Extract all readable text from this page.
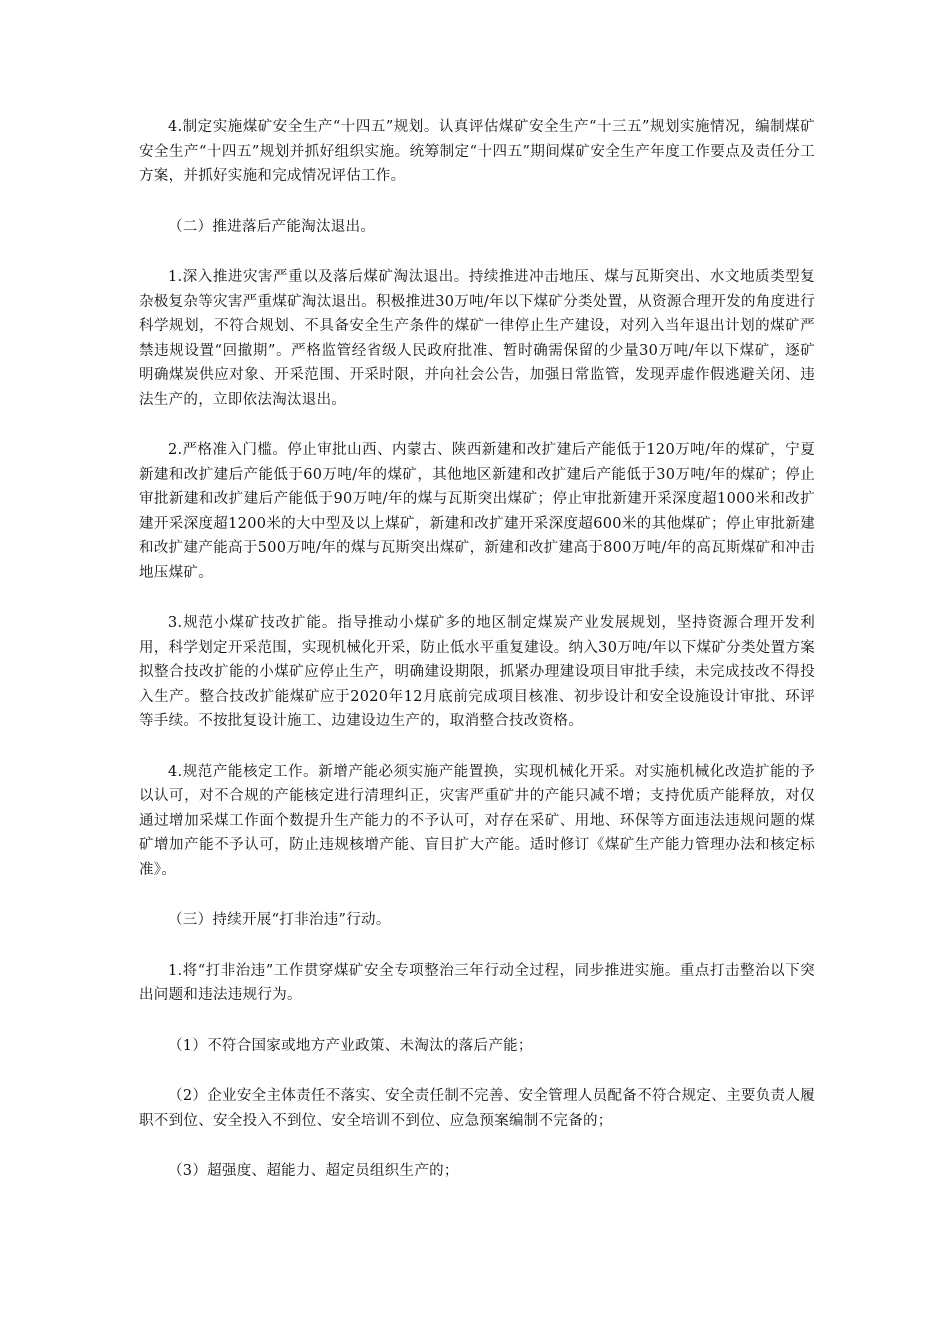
4.制定实施煤矿安全生产“十四五”规划。认真评估煤矿安全生产“十三五”规划实施情况，编制煤矿安全生产“十四五”规划并抓好组织实施。统筹制定“十四五”期间煤矿安全生产年度工作要点及责任分工方案，并抓好实施和完成情况评估工作。

（二）推进落后产能淘汰退出。

1.深入推进灾害严重以及落后煤矿淘汰退出。持续推进冲击地压、煤与瓦斯突出、水文地质类型复杂极复杂等灾害严重煤矿淘汰退出。积极推进30万吨/年以下煤矿分类处置，从资源合理开发的角度进行科学规划，不符合规划、不具备安全生产条件的煤矿一律停止生产建设，对列入当年退出计划的煤矿严禁违规设置“回撤期”。严格监管经省级人民政府批准、暂时确需保留的少量30万吨/年以下煤矿，逐矿明确煤炭供应对象、开采范围、开采时限，并向社会公告，加强日常监管，发现弄虚作假逃避关闭、违法生产的，立即依法淘汰退出。

2.严格准入门槛。停止审批山西、内蒙古、陕西新建和改扩建后产能低于120万吨/年的煤矿，宁夏新建和改扩建后产能低于60万吨/年的煤矿，其他地区新建和改扩建后产能低于30万吨/年的煤矿；停止审批新建和改扩建后产能低于90万吨/年的煤与瓦斯突出煤矿；停止审批新建开采深度超1000米和改扩建开采深度超1200米的大中型及以上煤矿，新建和改扩建开采深度超600米的其他煤矿；停止审批新建和改扩建产能高于500万吨/年的煤与瓦斯突出煤矿，新建和改扩建高于800万吨/年的高瓦斯煤矿和冲击地压煤矿。

3.规范小煤矿技改扩能。指导推动小煤矿多的地区制定煤炭产业发展规划，坚持资源合理开发利用，科学划定开采范围，实现机械化开采，防止低水平重复建设。纳入30万吨/年以下煤矿分类处置方案拟整合技改扩能的小煤矿应停止生产，明确建设期限，抓紧办理建设项目审批手续，未完成技改不得投入生产。整合技改扩能煤矿应于2020年12月底前完成项目核准、初步设计和安全设施设计审批、环评等手续。不按批复设计施工、边建设边生产的，取消整合技改资格。

4.规范产能核定工作。新增产能必须实施产能置换，实现机械化开采。对实施机械化改造扩能的予以认可，对不合规的产能核定进行清理纠正，灾害严重矿井的产能只减不增；支持优质产能释放，对仅通过增加采煤工作面个数提升生产能力的不予认可，对存在采矿、用地、环保等方面违法违规问题的煤矿增加产能不予认可，防止违规核增产能、盲目扩大产能。适时修订《煤矿生产能力管理办法和核定标准》。

（三）持续开展“打非治违”行动。

1.将“打非治违”工作贯穿煤矿安全专项整治三年行动全过程，同步推进实施。重点打击整治以下突出问题和违法违规行为。

（1）不符合国家或地方产业政策、未淘汰的落后产能；

（2）企业安全主体责任不落实、安全责任制不完善、安全管理人员配备不符合规定、主要负责人履职不到位、安全投入不到位、安全培训不到位、应急预案编制不完备的；

（3）超强度、超能力、超定员组织生产的；
